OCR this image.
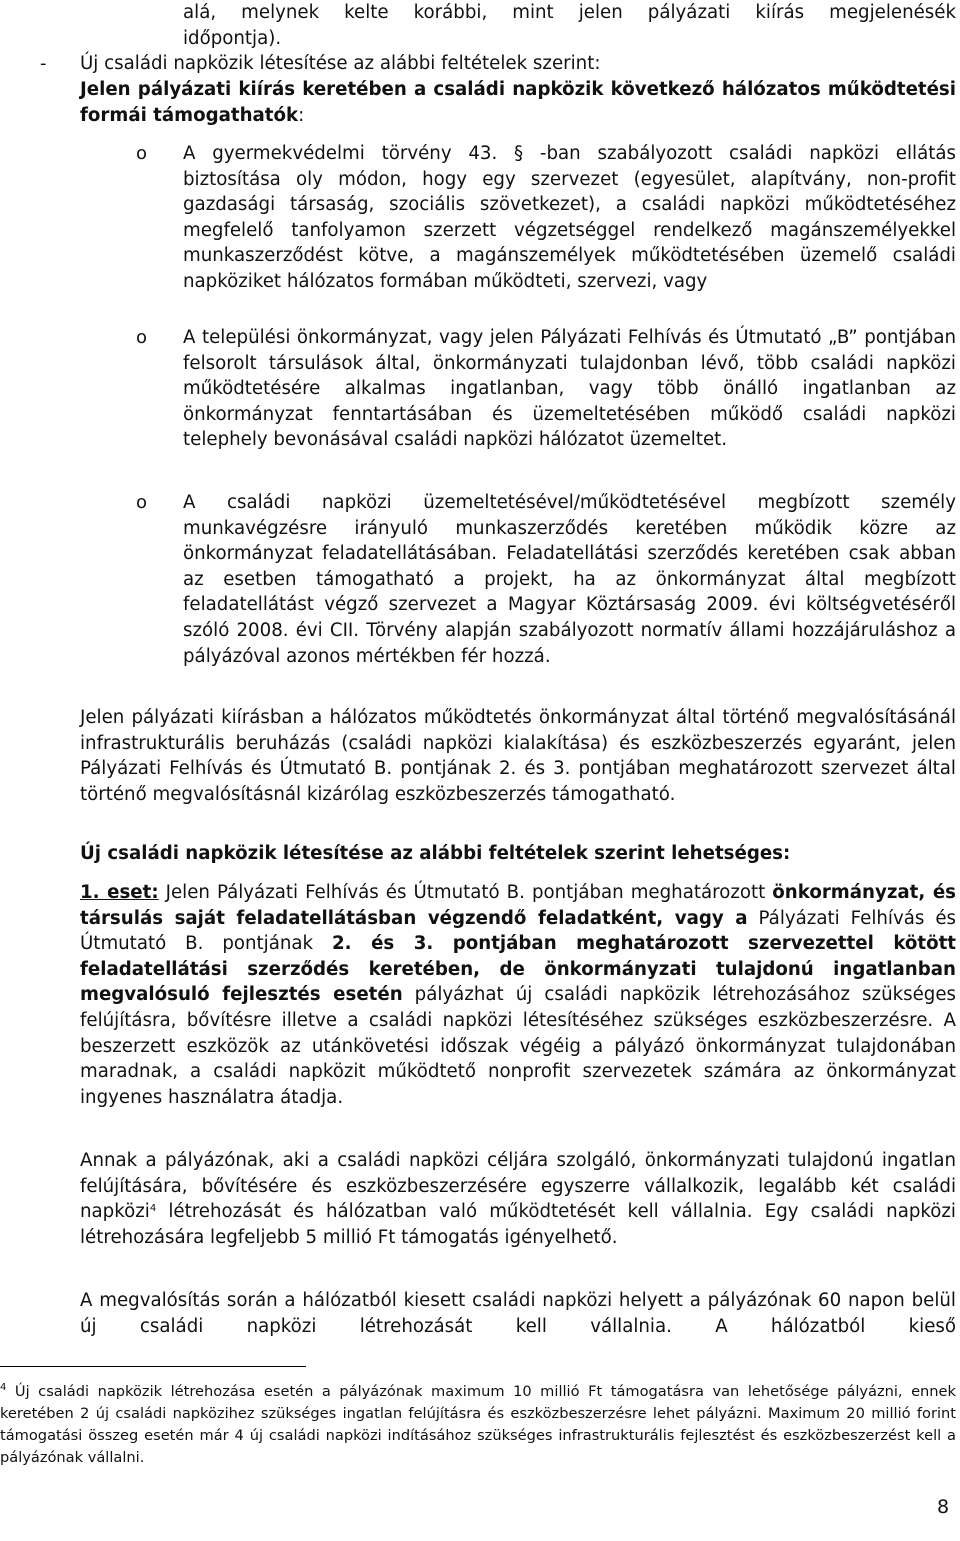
alá, melynek kelte korábbi, mint jelen pályázati kiírás megjelenésék
időpontja).
- Új családi napközik létesítése az alábbi feltételek szerint:
Jelen pályázati kiírás keretében a családi napközik következő hálózatos működtetési formái támogathatók:
o A gyermekvédelmi törvény 43. § -ban szabályozott családi napközi ellátás biztosítása oly módon, hogy egy szervezet (egyesület, alapítvány, non-profit gazdasági társaság, szociális szövetkezet), a családi napközi működtetéséhez megfelelő tanfolyamon szerzett végzetséggel rendelkező magánszemélyekkel munkaszerződést kötve, a magánszemélyek működtetésében üzemelő családi napköziket hálózatos formában működteti, szervezi, vagy
o A települési önkormányzat, vagy jelen Pályázati Felhívás és Útmutató „B” pontjában felsorolt társulások által, önkormányzati tulajdonban lévő, több családi napközi működtetésére alkalmas ingatlanban, vagy több önálló ingatlanban az önkormányzat fenntartásában és üzemeltetésében működő családi napközi telephely bevonásával családi napközi hálózatot üzemeltet.
o A családi napközi üzemeltetésével/működtetésével megbízott személy munkavégzésre irányuló munkaszerződés keretében működik közre az önkormányzat feladatellátásában. Feladatellátási szerződés keretében csak abban az esetben támogatható a projekt, ha az önkormányzat által megbízott feladatellátást végző szervezet a Magyar Köztársaság 2009. évi költségvetéséről szóló 2008. évi CII. Törvény alapján szabályozott normatív állami hozzájáruláshoz a pályázóval azonos mértékben fér hozzá.
Jelen pályázati kiírásban a hálózatos működtetés önkormányzat által történő megvalósításánál infrastrukturális beruházás (családi napközi kialakítása) és eszközbeszerzés egyaránt, jelen Pályázati Felhívás és Útmutató B. pontjának 2. és 3. pontjában meghatározott szervezet által történő megvalósításnál kizárólag eszközbeszerzés támogatható.
Új családi napközik létesítése az alábbi feltételek szerint lehetséges:
1. eset: Jelen Pályázati Felhívás és Útmutató B. pontjában meghatározott önkormányzat, és társulás saját feladatellátásban végzendő feladatként, vagy a Pályázati Felhívás és Útmutató B. pontjának 2. és 3. pontjában meghatározott szervezettel kötött feladatellátási szerződés keretében, de önkormányzati tulajdonú ingatlanban megvalósuló fejlesztés esetén pályázhat új családi napközik létrehozásához szükséges felújításra, bővítésre illetve a családi napközi létesítéséhez szükséges eszközbeszerzésre. A beszerzett eszközök az utánkövetési időszak végéig a pályázó önkormányzat tulajdonában maradnak, a családi napközit működtető nonprofit szervezetek számára az önkormányzat ingyenes használatra átadja.
Annak a pályázónak, aki a családi napközi céljára szolgáló, önkormányzati tulajdonú ingatlan felújítására, bővítésére és eszközbeszerzésére egyszerre vállalkozik, legalább két családi napközi$^4$ létrehozását és hálózatban való működtetését kell vállalnia. Egy családi napközi létrehozására legfeljebb 5 millió Ft támogatás igényelhető.
A megvalósítás során a hálózatból kiesett családi napközi helyett a pályázónak 60 napon belül új családi napközi létrehozását kell vállalnia. A hálózatból kieső
$^4$ Új családi napközik létrehozása esetén a pályázónak maximum 10 millió Ft támogatásra van lehetősége pályázni, ennek keretében 2 új családi napközihez szükséges ingatlan felújításra és eszközbeszerzésre lehet pályázni. Maximum 20 millió forint támogatási összeg esetén már 4 új családi napközi indításához szükséges infrastrukturális fejlesztést és eszközbeszerzést kell a pályázónak vállalni.
8
